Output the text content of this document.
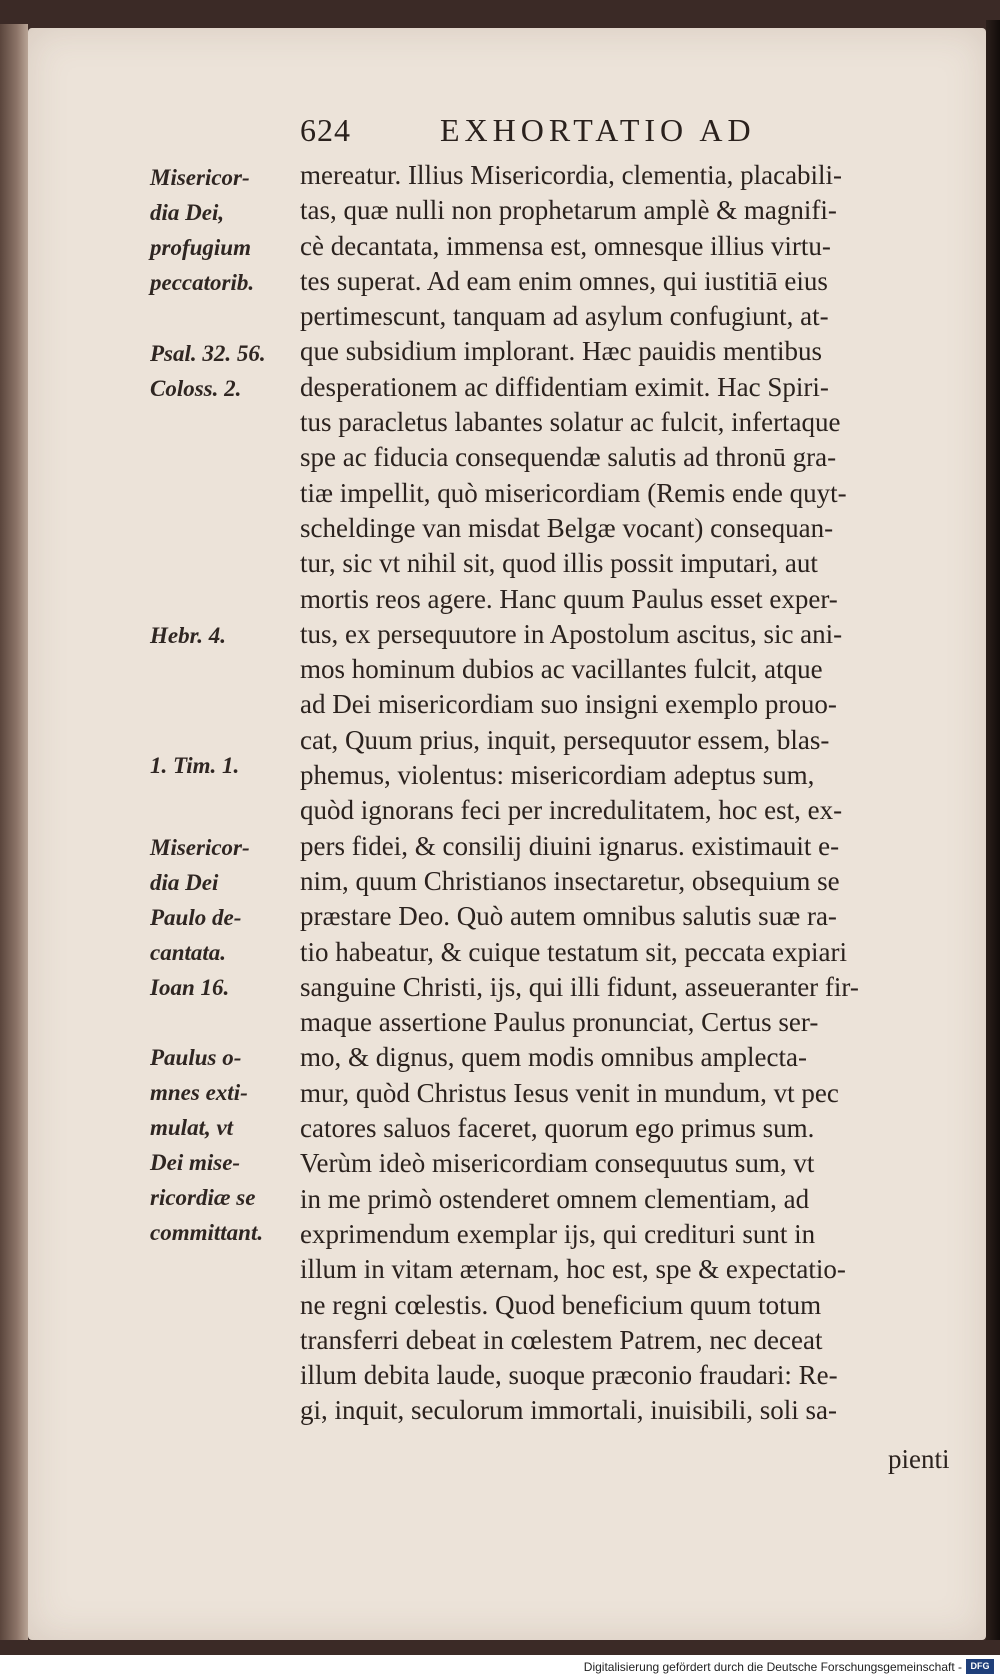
624	EXHORTATIO AD
Misericor-
dia Dei,
profugium
peccatorib.
Psal. 32. 56.
Coloss. 2.
Hebr. 4.
1. Tim. 1.
Misericor-
dia Dei
Paulo de-
cantata.
Ioan 16.
Paulus o-
mnes exti-
mulat, vt
Dei mise-
ricordiæ se
committant.
mereatur. Illius Misericordia, clementia, placabili-
tas, quæ nulli non prophetarum amplè & magnifi-
cè decantata, immensa est, omnesque illius virtu-
tes superat. Ad eam enim omnes, qui iustitiā eius
pertimescunt, tanquam ad asylum confugiunt, at-
que subsidium implorant. Hæc pauidis mentibus
desperationem ac diffidentiam eximit. Hac Spiri-
tus paracletus labantes solatur ac fulcit, infertaque
spe ac fiducia consequendæ salutis ad thronū gra-
tiæ impellit, quò misericordiam (Remis ende quyt-
scheldinge van misdat Belgæ vocant) consequan-
tur, sic vt nihil sit, quod illis possit imputari, aut
mortis reos agere. Hanc quum Paulus esset exper-
tus, ex persequutore in Apostolum ascitus, sic ani-
mos hominum dubios ac vacillantes fulcit, atque
ad Dei misericordiam suo insigni exemplo prouo-
cat, Quum prius, inquit, persequutor essem, blas-
phemus, violentus: misericordiam adeptus sum,
quòd ignorans feci per incredulitatem, hoc est, ex-
pers fidei, & consilij diuini ignarus. existimauit e-
nim, quum Christianos insectaretur, obsequium se
præstare Deo. Quò autem omnibus salutis suæ ra-
tio habeatur, & cuique testatum sit, peccata expiari
sanguine Christi, ijs, qui illi fidunt, asseueranter fir-
maque assertione Paulus pronunciat, Certus ser-
mo, & dignus, quem modis omnibus amplecta-
mur, quòd Christus Iesus venit in mundum, vt pec
catores saluos faceret, quorum ego primus sum.
Verùm ideò misericordiam consequutus sum, vt
in me primò ostenderet omnem clementiam, ad
exprimendum exemplar ijs, qui credituri sunt in
illum in vitam æternam, hoc est, spe & expectatio-
ne regni cœlestis. Quod beneficium quum totum
transferri debeat in cœlestem Patrem, nec deceat
illum debita laude, suoque præconio fraudari: Re-
gi, inquit, seculorum immortali, inuisibili, soli sa-
pienti
Digitalisierung gefördert durch die Deutsche Forschungsgemeinschaft - DFG
